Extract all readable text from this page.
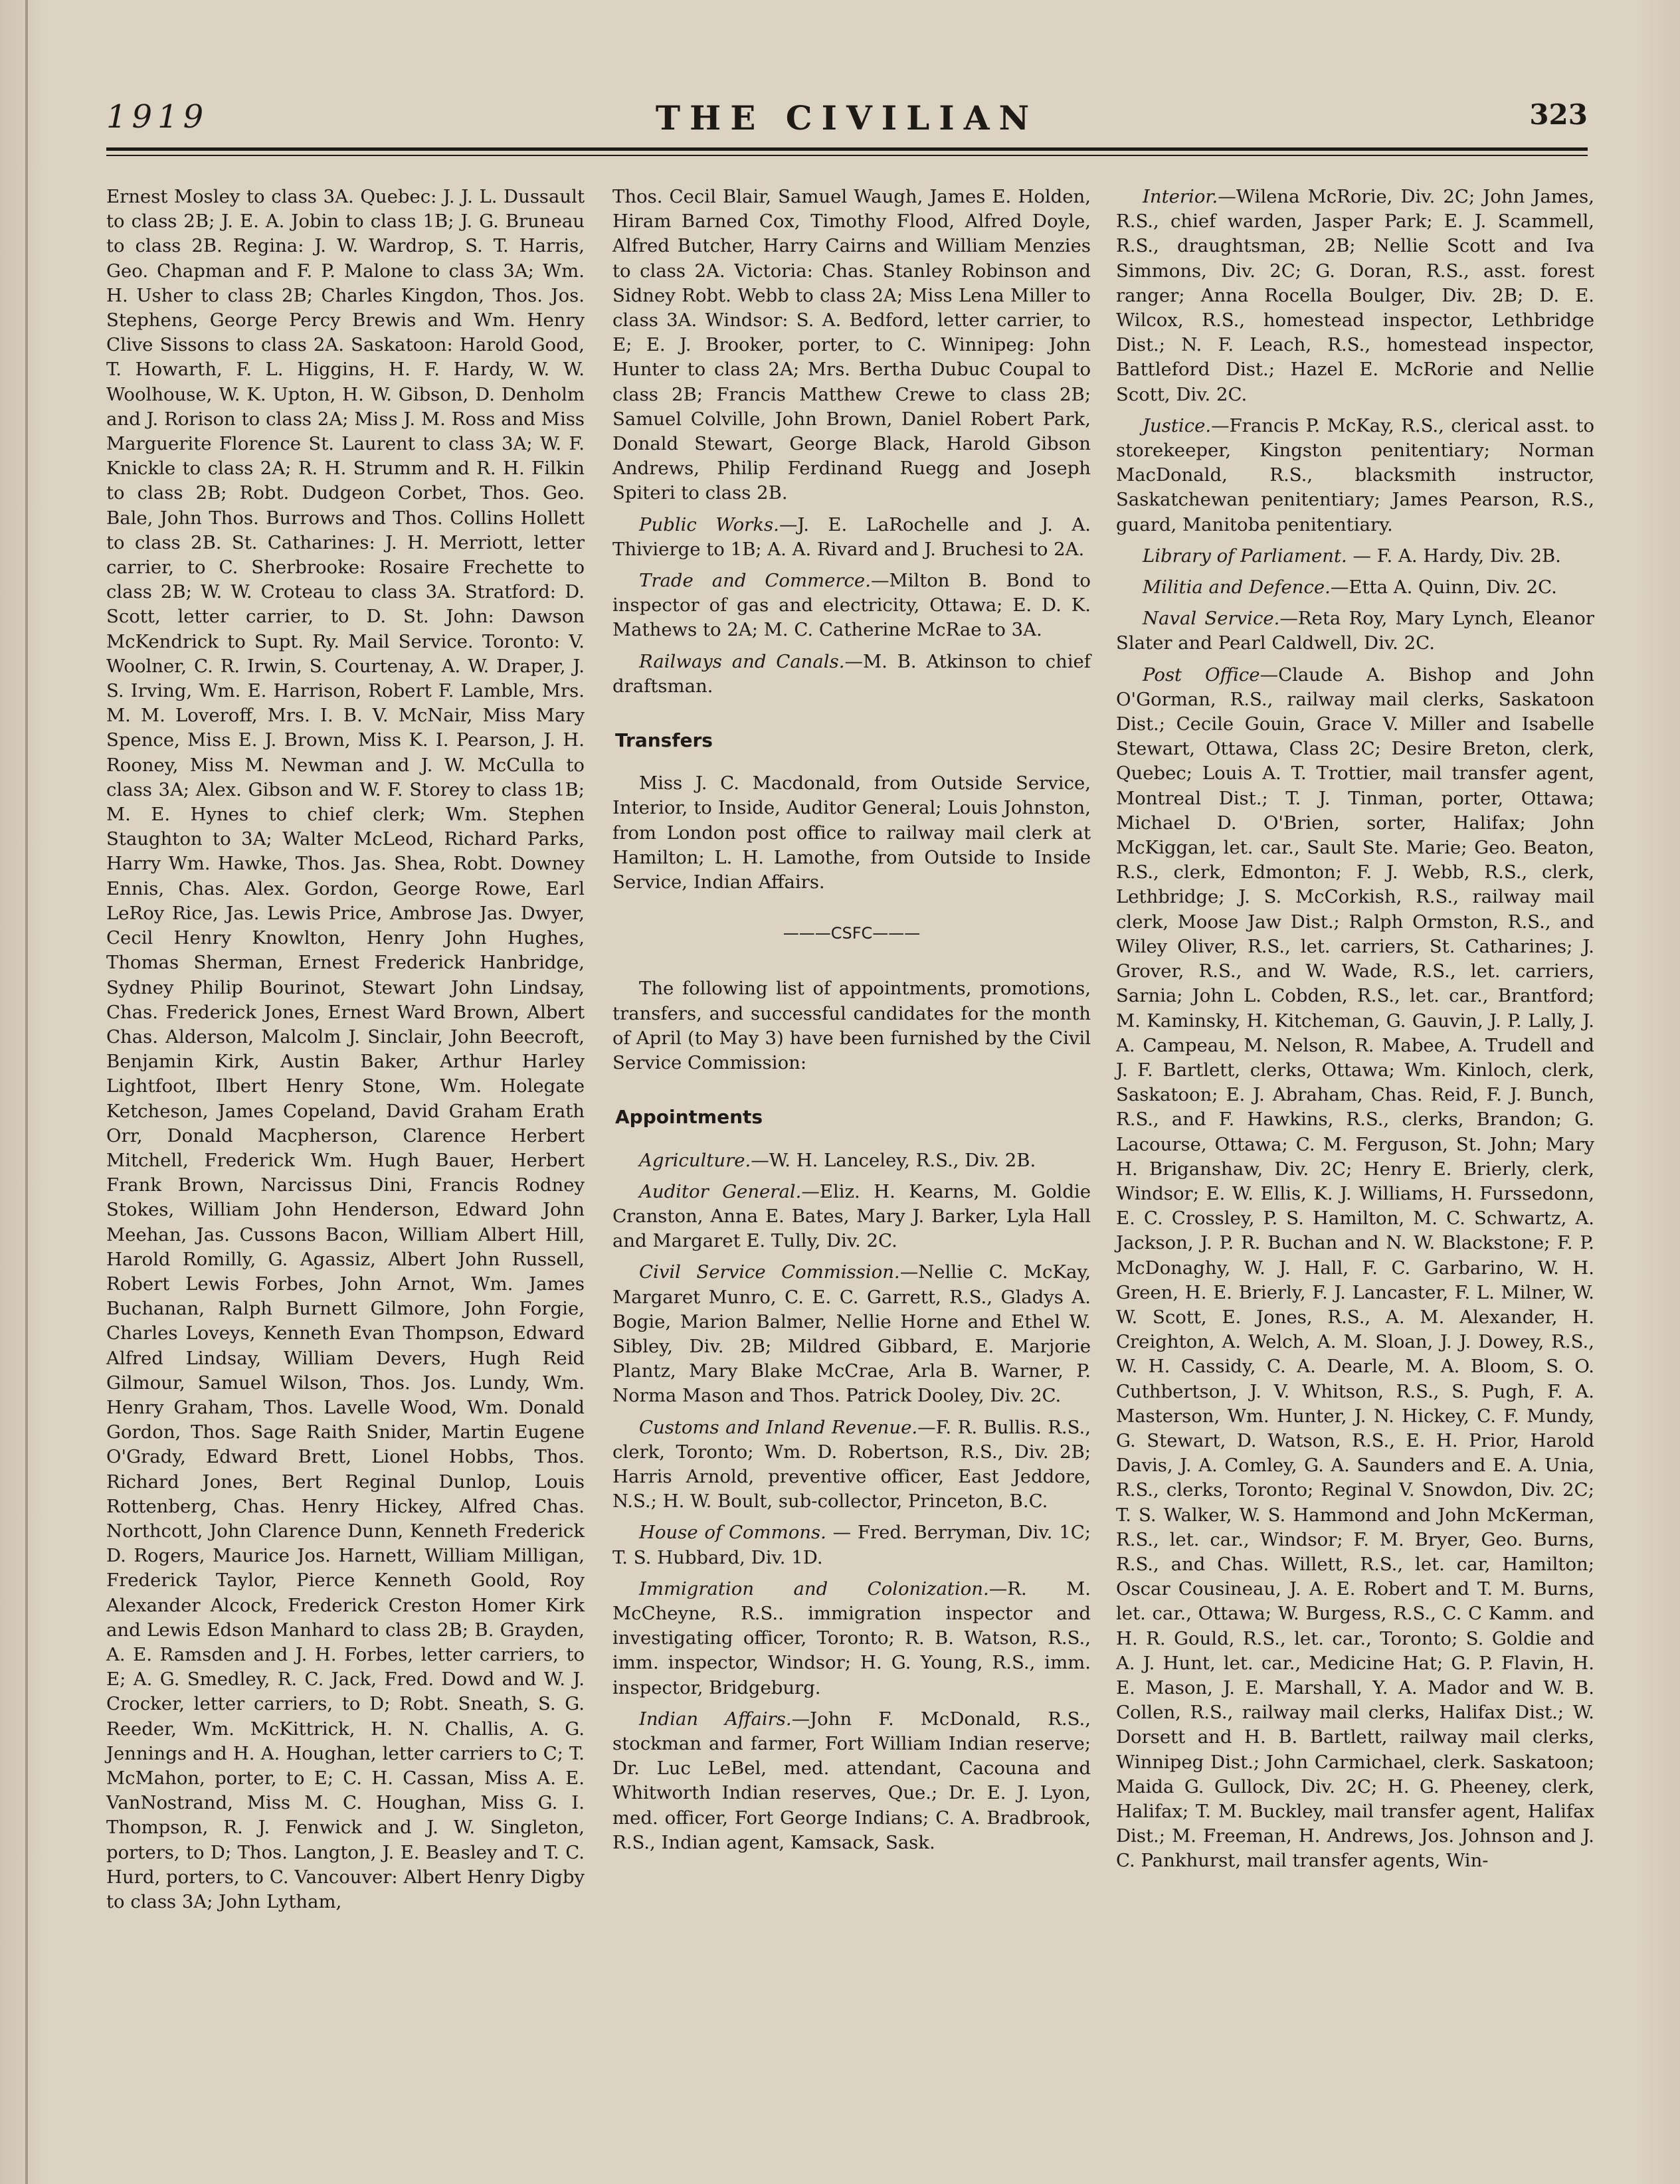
1919	THE CIVILIAN	323

Ernest Mosley to class 3A. Quebec: J. J. L. Dussault to class 2B; J. E. A. Jobin to class 1B; J. G. Bruneau to class 2B. Regina: J. W. Wardrop, S. T. Harris, Geo. Chapman and F. P. Malone to class 3A; Wm. H. Usher to class 2B; Charles Kingdon, Thos. Jos. Stephens, George Percy Brewis and Wm. Henry Clive Sissons to class 2A. Saskatoon: Harold Good, T. Howarth, F. L. Higgins, H. F. Hardy, W. W. Woolhouse, W. K. Upton, H. W. Gibson, D. Denholm and J. Rorison to class 2A; Miss J. M. Ross and Miss Marguerite Florence St. Laurent to class 3A; W. F. Knickle to class 2A; R. H. Strumm and R. H. Filkin to class 2B; Robt. Dudgeon Corbet, Thos. Geo. Bale, John Thos. Burrows and Thos. Collins Hollett to class 2B. St. Catharines: J. H. Merriott, letter carrier, to C. Sherbrooke: Rosaire Frechette to class 2B; W. W. Croteau to class 3A. Stratford: D. Scott, letter carrier, to D. St. John: Dawson McKendrick to Supt. Ry. Mail Service. Toronto: V. Woolner, C. R. Irwin, S. Courtenay, A. W. Draper, J. S. Irving, Wm. E. Harrison, Robert F. Lamble, Mrs. M. M. Loveroff, Mrs. I. B. V. McNair, Miss Mary Spence, Miss E. J. Brown, Miss K. I. Pearson, J. H. Rooney, Miss M. Newman and J. W. McCulla to class 3A; Alex. Gibson and W. F. Storey to class 1B; M. E. Hynes to chief clerk; Wm. Stephen Staughton to 3A; Walter McLeod, Richard Parks, Harry Wm. Hawke, Thos. Jas. Shea, Robt. Downey Ennis, Chas. Alex. Gordon, George Rowe, Earl LeRoy Rice, Jas. Lewis Price, Ambrose Jas. Dwyer, Cecil Henry Knowlton, Henry John Hughes, Thomas Sherman, Ernest Frederick Hanbridge, Sydney Philip Bourinot, Stewart John Lindsay, Chas. Frederick Jones, Ernest Ward Brown, Albert Chas. Alderson, Malcolm J. Sinclair, John Beecroft, Benjamin Kirk, Austin Baker, Arthur Harley Lightfoot, Ilbert Henry Stone, Wm. Holegate Ketcheson, James Copeland, David Graham Erath Orr, Donald Macpherson, Clarence Herbert Mitchell, Frederick Wm. Hugh Bauer, Herbert Frank Brown, Narcissus Dini, Francis Rodney Stokes, William John Henderson, Edward John Meehan, Jas. Cussons Bacon, William Albert Hill, Harold Romilly, G. Agassiz, Albert John Russell, Robert Lewis Forbes, John Arnot, Wm. James Buchanan, Ralph Burnett Gilmore, John Forgie, Charles Loveys, Kenneth Evan Thompson, Edward Alfred Lindsay, William Devers, Hugh Reid Gilmour, Samuel Wilson, Thos. Jos. Lundy, Wm. Henry Graham, Thos. Lavelle Wood, Wm. Donald Gordon, Thos. Sage Raith Snider, Martin Eugene O'Grady, Edward Brett, Lionel Hobbs, Thos. Richard Jones, Bert Reginal Dunlop, Louis Rottenberg, Chas. Henry Hickey, Alfred Chas. Northcott, John Clarence Dunn, Kenneth Frederick D. Rogers, Maurice Jos. Harnett, William Milligan, Frederick Taylor, Pierce Kenneth Goold, Roy Alexander Alcock, Frederick Creston Homer Kirk and Lewis Edson Manhard to class 2B; B. Grayden, A. E. Ramsden and J. H. Forbes, letter carriers, to E; A. G. Smedley, R. C. Jack, Fred. Dowd and W. J. Crocker, letter carriers, to D; Robt. Sneath, S. G. Reeder, Wm. McKittrick, H. N. Challis, A. G. Jennings and H. A. Houghan, letter carriers to C; T. McMahon, porter, to E; C. H. Cassan, Miss A. E. VanNostrand, Miss M. C. Houghan, Miss G. I. Thompson, R. J. Fenwick and J. W. Singleton, porters, to D; Thos. Langton, J. E. Beasley and T. C. Hurd, porters, to C. Vancouver: Albert Henry Digby to class 3A; John Lytham,

Thos. Cecil Blair, Samuel Waugh, James E. Holden, Hiram Barned Cox, Timothy Flood, Alfred Doyle, Alfred Butcher, Harry Cairns and William Menzies to class 2A. Victoria: Chas. Stanley Robinson and Sidney Robt. Webb to class 2A; Miss Lena Miller to class 3A. Windsor: S. A. Bedford, letter carrier, to E; E. J. Brooker, porter, to C. Winnipeg: John Hunter to class 2A; Mrs. Bertha Dubuc Coupal to class 2B; Francis Matthew Crewe to class 2B; Samuel Colville, John Brown, Daniel Robert Park, Donald Stewart, George Black, Harold Gibson Andrews, Philip Ferdinand Ruegg and Joseph Spiteri to class 2B.

Public Works.—J. E. LaRochelle and J. A. Thivierge to 1B; A. A. Rivard and J. Bruchesi to 2A.

Trade and Commerce.—Milton B. Bond to inspector of gas and electricity, Ottawa; E. D. K. Mathews to 2A; M. C. Catherine McRae to 3A.

Railways and Canals.—M. B. Atkinson to chief draftsman.

Transfers

Miss J. C. Macdonald, from Outside Service, Interior, to Inside, Auditor General; Louis Johnston, from London post office to railway mail clerk at Hamilton; L. H. Lamothe, from Outside to Inside Service, Indian Affairs.

———CSFC———

The following list of appointments, promotions, transfers, and successful candidates for the month of April (to May 3) have been furnished by the Civil Service Commission:

Appointments

Agriculture.—W. H. Lanceley, R.S., Div. 2B.

Auditor General.—Eliz. H. Kearns, M. Goldie Cranston, Anna E. Bates, Mary J. Barker, Lyla Hall and Margaret E. Tully, Div. 2C.

Civil Service Commission.—Nellie C. McKay, Margaret Munro, C. E. C. Garrett, R.S., Gladys A. Bogie, Marion Balmer, Nellie Horne and Ethel W. Sibley, Div. 2B; Mildred Gibbard, E. Marjorie Plantz, Mary Blake McCrae, Arla B. Warner, P. Norma Mason and Thos. Patrick Dooley, Div. 2C.

Customs and Inland Revenue.—F. R. Bullis. R.S., clerk, Toronto; Wm. D. Robertson, R.S., Div. 2B; Harris Arnold, preventive officer, East Jeddore, N.S.; H. W. Boult, sub-collector, Princeton, B.C.

House of Commons. — Fred. Berryman, Div. 1C; T. S. Hubbard, Div. 1D.

Immigration and Colonization.—R. M. McCheyne, R.S.. immigration inspector and investigating officer, Toronto; R. B. Watson, R.S., imm. inspector, Windsor; H. G. Young, R.S., imm. inspector, Bridgeburg.

Indian Affairs.—John F. McDonald, R.S., stockman and farmer, Fort William Indian reserve; Dr. Luc LeBel, med. attendant, Cacouna and Whitworth Indian reserves, Que.; Dr. E. J. Lyon, med. officer, Fort George Indians; C. A. Bradbrook, R.S., Indian agent, Kamsack, Sask.

Interior.—Wilena McRorie, Div. 2C; John James, R.S., chief warden, Jasper Park; E. J. Scammell, R.S., draughtsman, 2B; Nellie Scott and Iva Simmons, Div. 2C; G. Doran, R.S., asst. forest ranger; Anna Rocella Boulger, Div. 2B; D. E. Wilcox, R.S., homestead inspector, Lethbridge Dist.; N. F. Leach, R.S., homestead inspector, Battleford Dist.; Hazel E. McRorie and Nellie Scott, Div. 2C.

Justice.—Francis P. McKay, R.S., clerical asst. to storekeeper, Kingston penitentiary; Norman MacDonald, R.S., blacksmith instructor, Saskatchewan penitentiary; James Pearson, R.S., guard, Manitoba penitentiary.

Library of Parliament. — F. A. Hardy, Div. 2B.

Militia and Defence.—Etta A. Quinn, Div. 2C.

Naval Service.—Reta Roy, Mary Lynch, Eleanor Slater and Pearl Caldwell, Div. 2C.

Post Office—Claude A. Bishop and John O'Gorman, R.S., railway mail clerks, Saskatoon Dist.; Cecile Gouin, Grace V. Miller and Isabelle Stewart, Ottawa, Class 2C; Desire Breton, clerk, Quebec; Louis A. T. Trottier, mail transfer agent, Montreal Dist.; T. J. Tinman, porter, Ottawa; Michael D. O'Brien, sorter, Halifax; John McKiggan, let. car., Sault Ste. Marie; Geo. Beaton, R.S., clerk, Edmonton; F. J. Webb, R.S., clerk, Lethbridge; J. S. McCorkish, R.S., railway mail clerk, Moose Jaw Dist.; Ralph Ormston, R.S., and Wiley Oliver, R.S., let. carriers, St. Catharines; J. Grover, R.S., and W. Wade, R.S., let. carriers, Sarnia; John L. Cobden, R.S., let. car., Brantford; M. Kaminsky, H. Kitcheman, G. Gauvin, J. P. Lally, J. A. Campeau, M. Nelson, R. Mabee, A. Trudell and J. F. Bartlett, clerks, Ottawa; Wm. Kinloch, clerk, Saskatoon; E. J. Abraham, Chas. Reid, F. J. Bunch, R.S., and F. Hawkins, R.S., clerks, Brandon; G. Lacourse, Ottawa; C. M. Ferguson, St. John; Mary H. Briganshaw, Div. 2C; Henry E. Brierly, clerk, Windsor; E. W. Ellis, K. J. Williams, H. Furssedonn, E. C. Crossley, P. S. Hamilton, M. C. Schwartz, A. Jackson, J. P. R. Buchan and N. W. Blackstone; F. P. McDonaghy, W. J. Hall, F. C. Garbarino, W. H. Green, H. E. Brierly, F. J. Lancaster, F. L. Milner, W. W. Scott, E. Jones, R.S., A. M. Alexander, H. Creighton, A. Welch, A. M. Sloan, J. J. Dowey, R.S., W. H. Cassidy, C. A. Dearle, M. A. Bloom, S. O. Cuthbertson, J. V. Whitson, R.S., S. Pugh, F. A. Masterson, Wm. Hunter, J. N. Hickey, C. F. Mundy, G. Stewart, D. Watson, R.S., E. H. Prior, Harold Davis, J. A. Comley, G. A. Saunders and E. A. Unia, R.S., clerks, Toronto; Reginal V. Snowdon, Div. 2C; T. S. Walker, W. S. Hammond and John McKerman, R.S., let. car., Windsor; F. M. Bryer, Geo. Burns, R.S., and Chas. Willett, R.S., let. car, Hamilton; Oscar Cousineau, J. A. E. Robert and T. M. Burns, let. car., Ottawa; W. Burgess, R.S., C. C Kamm. and H. R. Gould, R.S., let. car., Toronto; S. Goldie and A. J. Hunt, let. car., Medicine Hat; G. P. Flavin, H. E. Mason, J. E. Marshall, Y. A. Mador and W. B. Collen, R.S., railway mail clerks, Halifax Dist.; W. Dorsett and H. B. Bartlett, railway mail clerks, Winnipeg Dist.; John Carmichael, clerk. Saskatoon; Maida G. Gullock, Div. 2C; H. G. Pheeney, clerk, Halifax; T. M. Buckley, mail transfer agent, Halifax Dist.; M. Freeman, H. Andrews, Jos. Johnson and J. C. Pankhurst, mail transfer agents, Win-
